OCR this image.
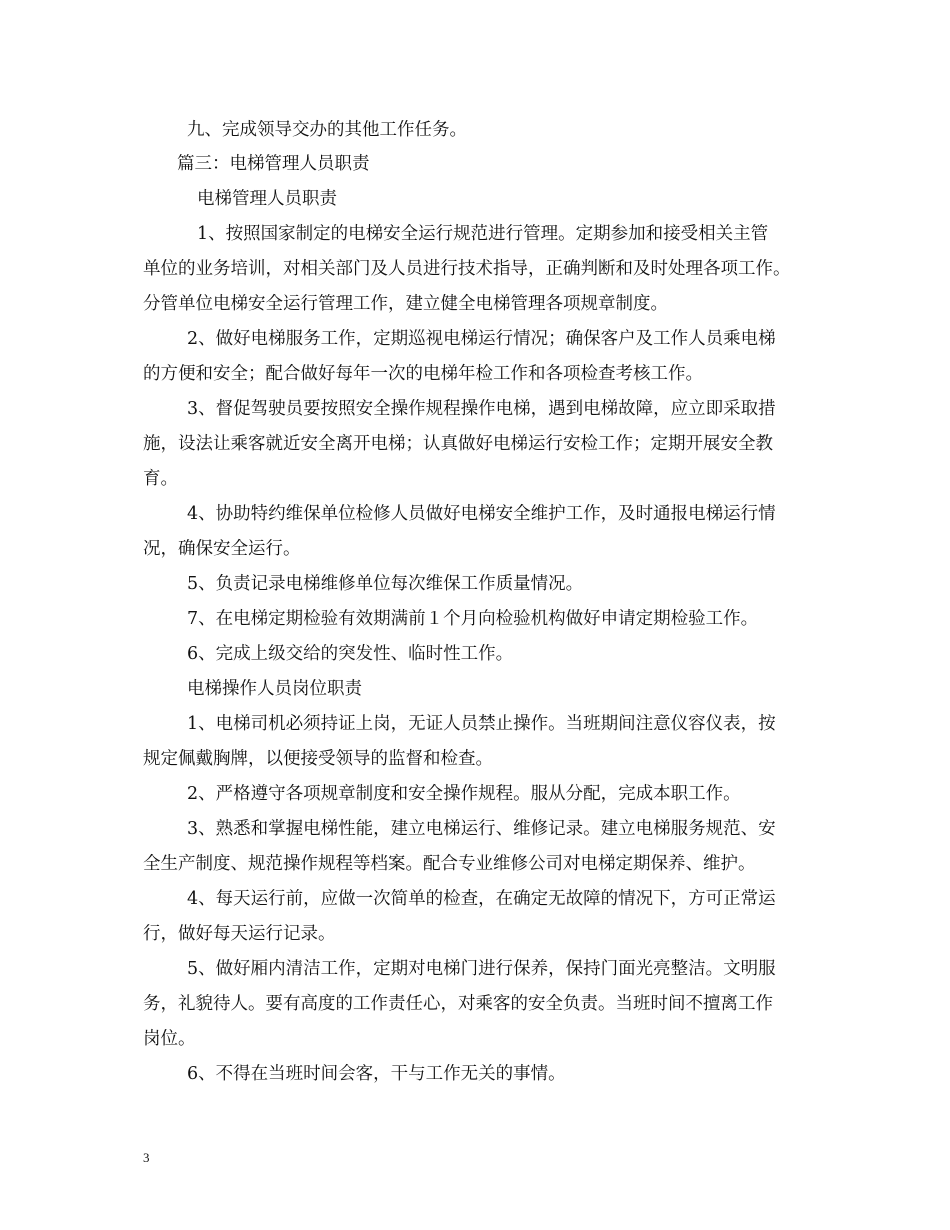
九、完成领导交办的其他工作任务。
篇三：电梯管理人员职责
电梯管理人员职责
1、按照国家制定的电梯安全运行规范进行管理。定期参加和接受相关主管
单位的业务培训，对相关部门及人员进行技术指导，正确判断和及时处理各项工作。
分管单位电梯安全运行管理工作，建立健全电梯管理各项规章制度。
2、做好电梯服务工作，定期巡视电梯运行情况；确保客户及工作人员乘电梯
的方便和安全；配合做好每年一次的电梯年检工作和各项检查考核工作。
3、督促驾驶员要按照安全操作规程操作电梯，遇到电梯故障，应立即采取措
施，设法让乘客就近安全离开电梯；认真做好电梯运行安检工作；定期开展安全教
育。
4、协助特约维保单位检修人员做好电梯安全维护工作，及时通报电梯运行情
况，确保安全运行。
5、负责记录电梯维修单位每次维保工作质量情况。
7、在电梯定期检验有效期满前１个月向检验机构做好申请定期检验工作。
6、完成上级交给的突发性、临时性工作。
电梯操作人员岗位职责
1、电梯司机必须持证上岗，无证人员禁止操作。当班期间注意仪容仪表，按
规定佩戴胸牌，以便接受领导的监督和检查。
2、严格遵守各项规章制度和安全操作规程。服从分配，完成本职工作。
3、熟悉和掌握电梯性能，建立电梯运行、维修记录。建立电梯服务规范、安
全生产制度、规范操作规程等档案。配合专业维修公司对电梯定期保养、维护。
4、每天运行前，应做一次简单的检查，在确定无故障的情况下，方可正常运
行，做好每天运行记录。
5、做好厢内清洁工作，定期对电梯门进行保养，保持门面光亮整洁。文明服
务，礼貌待人。要有高度的工作责任心，对乘客的安全负责。当班时间不擅离工作
岗位。
6、不得在当班时间会客，干与工作无关的事情。
3
